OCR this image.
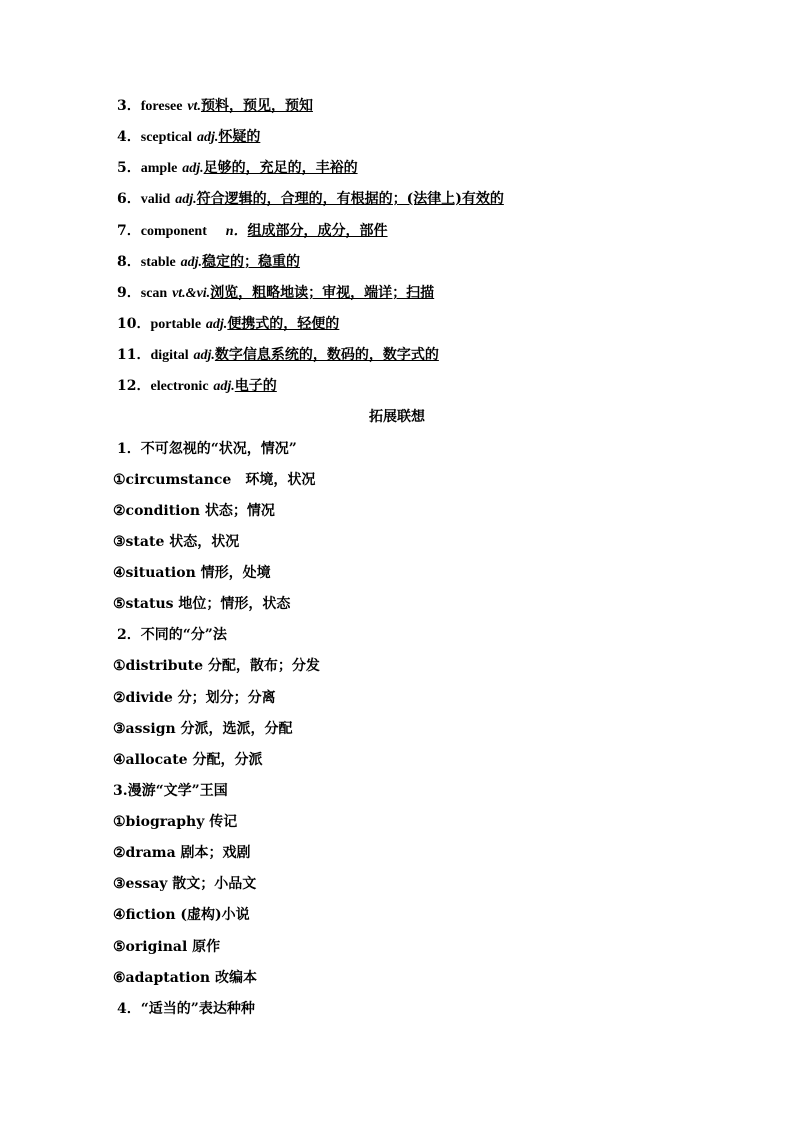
3．foresee vt.预料，预见，预知
4．sceptical adj.怀疑的
5．ample adj.足够的，充足的，丰裕的
6．valid adj.符合逻辑的，合理的，有根据的；(法律上)有效的
7．component　 n．组成部分，成分，部件
8．stable adj.稳定的；稳重的
9．scan vt.&vi.浏览，粗略地读；审视，端详；扫描
10．portable adj.便携式的，轻便的
11．digital adj.数字信息系统的，数码的，数字式的
12．electronic adj.电子的
拓展联想
1．不可忽视的“状况，情况”
①circumstance　环境，状况
②condition 状态；情况
③state 状态，状况
④situation 情形，处境
⑤status 地位；情形，状态
2．不同的“分”法
①distribute 分配，散布；分发
②divide 分；划分；分离
③assign 分派，选派，分配
④allocate 分配，分派
3.漫游“文学”王国
①biography 传记
②drama 剧本；戏剧
③essay 散文；小品文
④fiction (虚构)小说
⑤original 原作
⑥adaptation 改编本
4．“适当的”表达种种
